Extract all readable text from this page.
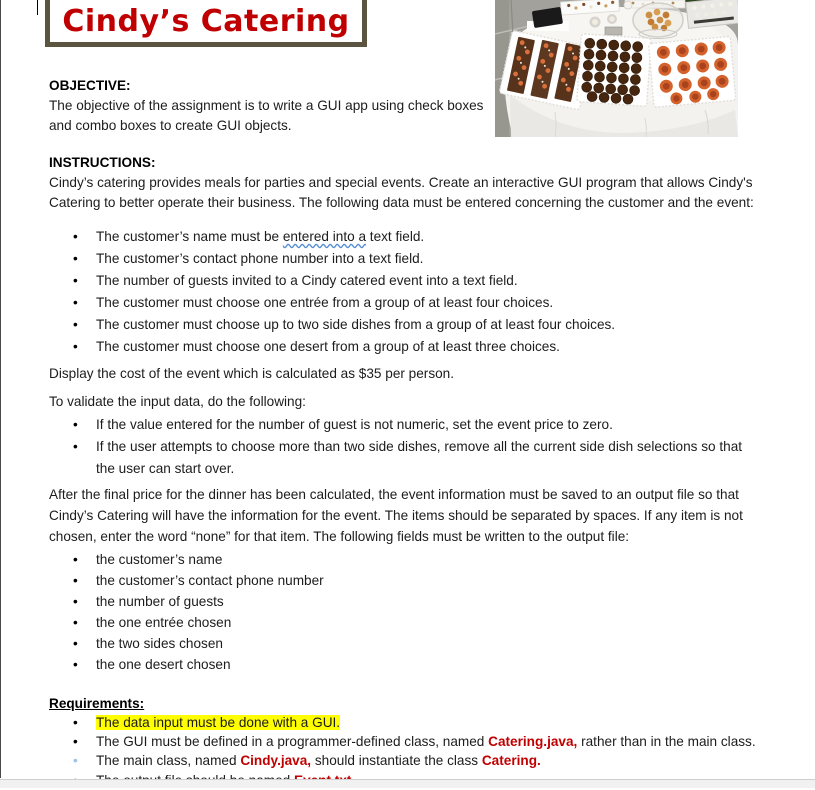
Cindy’s Catering

OBJECTIVE:

The objective of the assignment is to write a GUI app using check boxes and combo boxes to create GUI objects.

INSTRUCTIONS:

Cindy’s catering provides meals for parties and special events. Create an interactive GUI program that allows Cindy's Catering to better operate their business. The following data must be entered concerning the customer and the event:

•	The customer’s name must be entered into a text field.
•	The customer’s contact phone number into a text field.
•	The number of guests invited to a Cindy catered event into a text field.
•	The customer must choose one entrée from a group of at least four choices.
•	The customer must choose up to two side dishes from a group of at least four choices.
•	The customer must choose one desert from a group of at least three choices.

Display the cost of the event which is calculated as $35 per person.

To validate the input data, do the following:

•	If the value entered for the number of guest is not numeric, set the event price to zero.
•	If the user attempts to choose more than two side dishes, remove all the current side dish selections so that the user can start over.

After the final price for the dinner has been calculated, the event information must be saved to an output file so that Cindy’s Catering will have the information for the event. The items should be separated by spaces. If any item is not chosen, enter the word “none” for that item. The following fields must be written to the output file:

•	the customer’s name
•	the customer’s contact phone number
•	the number of guests
•	the one entrée chosen
•	the two sides chosen
•	the one desert chosen

Requirements:

•	The data input must be done with a GUI.
•	The GUI must be defined in a programmer-defined class, named Catering.java, rather than in the main class.
•	The main class, named Cindy.java, should instantiate the class Catering.
